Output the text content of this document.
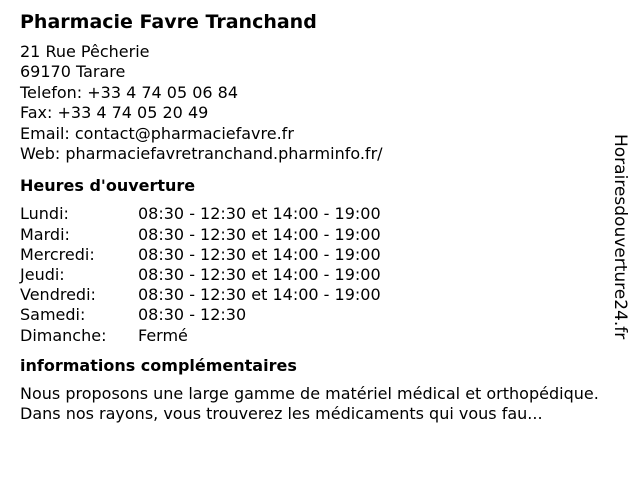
Pharmacie Favre Tranchand
21 Rue Pêcherie
69170 Tarare
Telefon: +33 4 74 05 06 84
Fax: +33 4 74 05 20 49
Email: contact@pharmaciefavre.fr
Web: pharmaciefavretranchand.pharminfo.fr/
Heures d'ouverture
Lundi:	08:30 - 12:30 et 14:00 - 19:00
Mardi:	08:30 - 12:30 et 14:00 - 19:00
Mercredi:	08:30 - 12:30 et 14:00 - 19:00
Jeudi:	08:30 - 12:30 et 14:00 - 19:00
Vendredi:	08:30 - 12:30 et 14:00 - 19:00
Samedi:	08:30 - 12:30
Dimanche:	Fermé
informations complémentaires
Nous proposons une large gamme de matériel médical et orthopédique.
Dans nos rayons, vous trouverez les médicaments qui vous fau...
Horairesdouverture24.fr
